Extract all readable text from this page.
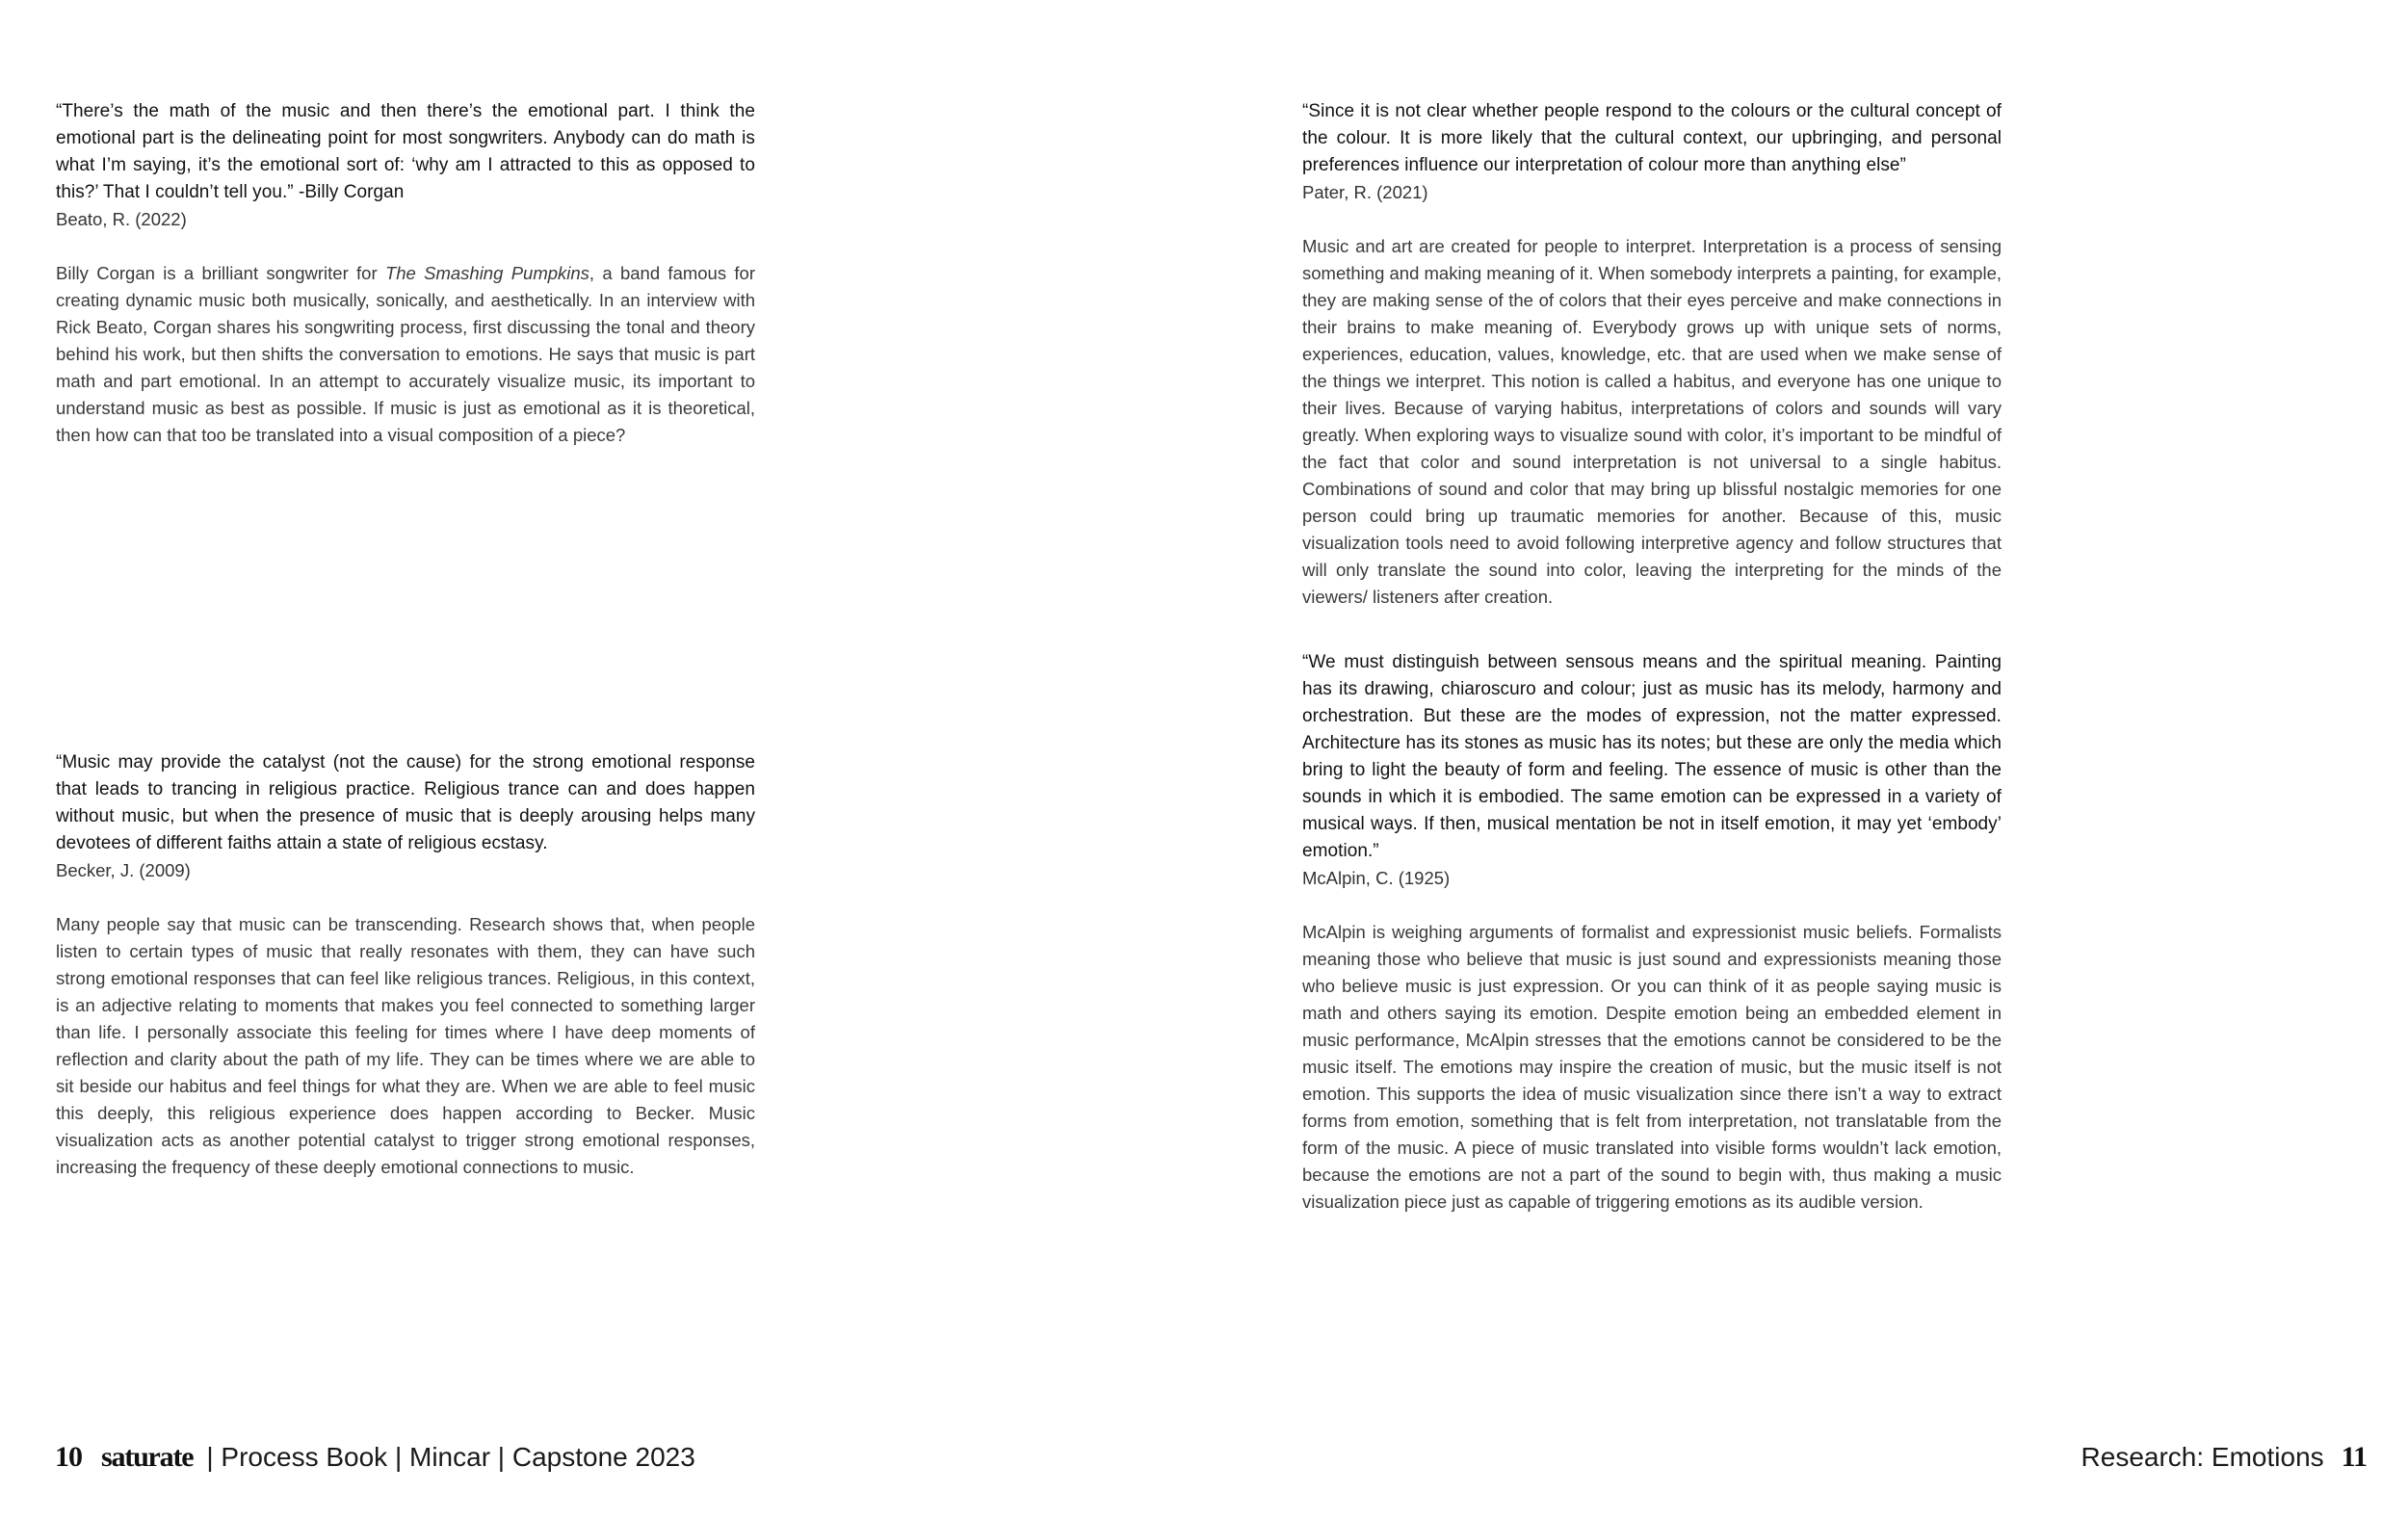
“There’s the math of the music and then there’s the emotional part. I think the emotional part is the delineating point for most songwriters. Anybody can do math is what I’m saying, it’s the emotional sort of: ‘why am I attracted to this as opposed to this?’ That I couldn’t tell you.” -Billy Corgan

Beato, R. (2022)

Billy Corgan is a brilliant songwriter for The Smashing Pumpkins, a band famous for creating dynamic music both musically, sonically, and aesthetically. In an interview with Rick Beato, Corgan shares his songwriting process, first discussing the tonal and theory behind his work, but then shifts the conversation to emotions. He says that music is part math and part emotional. In an attempt to accurately visualize music, its important to understand music as best as possible. If music is just as emotional as it is theoretical, then how can that too be translated into a visual composition of a piece?

“Music may provide the catalyst (not the cause) for the strong emotional response that leads to trancing in religious practice. Religious trance can and does happen without music, but when the presence of music that is deeply arousing helps many devotees of different faiths attain a state of religious ecstasy.

Becker, J. (2009)

Many people say that music can be transcending. Research shows that, when people listen to certain types of music that really resonates with them, they can have such strong emotional responses that can feel like religious trances. Religious, in this context, is an adjective relating to moments that makes you feel connected to something larger than life. I personally associate this feeling for times where I have deep moments of reflection and clarity about the path of my life. They can be times where we are able to sit beside our habitus and feel things for what they are. When we are able to feel music this deeply, this religious experience does happen according to Becker. Music visualization acts as another potential catalyst to trigger strong emotional responses, increasing the frequency of these deeply emotional connections to music.

“Since it is not clear whether people respond to the colours or the cultural concept of the colour. It is more likely that the cultural context, our upbringing, and personal preferences influence our interpretation of colour more than anything else”

Pater, R. (2021)

Music and art are created for people to interpret. Interpretation is a process of sensing something and making meaning of it. When somebody interprets a painting, for example, they are making sense of the of colors that their eyes perceive and make connections in their brains to make meaning of. Everybody grows up with unique sets of norms, experiences, education, values, knowledge, etc. that are used when we make sense of the things we interpret. This notion is called a habitus, and everyone has one unique to their lives. Because of varying habitus, interpretations of colors and sounds will vary greatly. When exploring ways to visualize sound with color, it’s important to be mindful of the fact that color and sound interpretation is not universal to a single habitus. Combinations of sound and color that may bring up blissful nostalgic memories for one person could bring up traumatic memories for another. Because of this, music visualization tools need to avoid following interpretive agency and follow structures that will only translate the sound into color, leaving the interpreting for the minds of the viewers/ listeners after creation.

“We must distinguish between sensous means and the spiritual meaning. Painting has its drawing, chiaroscuro and colour; just as music has its melody, harmony and orchestration. But these are the modes of expression, not the matter expressed. Architecture has its stones as music has its notes; but these are only the media which bring to light the beauty of form and feeling. The essence of music is other than the sounds in which it is embodied. The same emotion can be expressed in a variety of musical ways. If then, musical mentation be not in itself emotion, it may yet ‘embody’ emotion.”

McAlpin, C. (1925)

McAlpin is weighing arguments of formalist and expressionist music beliefs. Formalists meaning those who believe that music is just sound and expressionists meaning those who believe music is just expression. Or you can think of it as people saying music is math and others saying its emotion. Despite emotion being an embedded element in music performance, McAlpin stresses that the emotions cannot be considered to be the music itself. The emotions may inspire the creation of music, but the music itself is not emotion. This supports the idea of music visualization since there isn’t a way to extract forms from emotion, something that is felt from interpretation, not translatable from the form of the music. A piece of music translated into visible forms wouldn’t lack emotion, because the emotions are not a part of the sound to begin with, thus making a music visualization piece just as capable of triggering emotions as its audible version.

10 saturate | Process Book | Mincar | Capstone 2023	Research: Emotions 11
